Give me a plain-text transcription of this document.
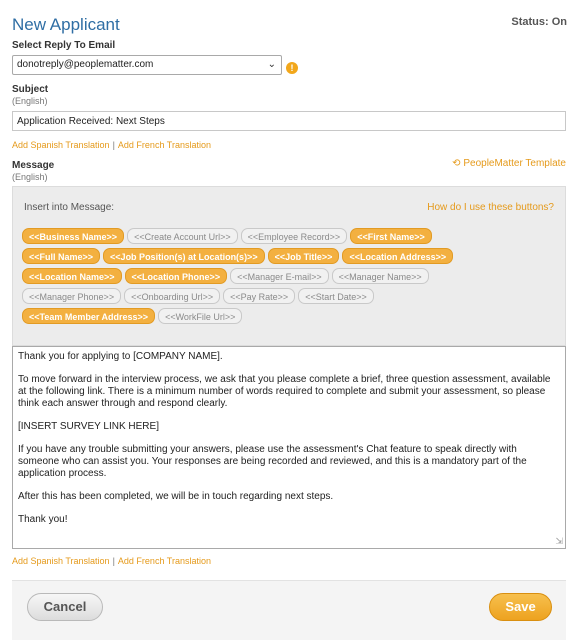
New Applicant	Status: On
Select Reply To Email
donotreply@peoplematter.com	⌄	!
Subject
(English)
Application Received: Next Steps
Add Spanish Translation | Add French Translation
Message
(English)
⟲ PeopleMatter Template
Insert into Message:	How do I use these buttons?
<<Business Name>>	<<Create Account Url>>	<<Employee Record>>	<<First Name>>
<<Full Name>>	<<Job Position(s) at Location(s)>>	<<Job Title>>	<<Location Address>>
<<Location Name>>	<<Location Phone>>	<<Manager E-mail>>	<<Manager Name>>
<<Manager Phone>>	<<Onboarding Url>>	<<Pay Rate>>	<<Start Date>>
<<Team Member Address>>	<<WorkFile Url>>

Thank you for applying to [COMPANY NAME].

To move forward in the interview process, we ask that you please complete a brief, three question assessment, available at the following link. There is a minimum number of words required to complete and submit your assessment, so please think each answer through and respond clearly.

[INSERT SURVEY LINK HERE]

If you have any trouble submitting your answers, please use the assessment's Chat feature to speak directly with someone who can assist you. Your responses are being recorded and reviewed, and this is a mandatory part of the application process.

After this has been completed, we will be in touch regarding next steps.

Thank you!

⇲
Add Spanish Translation | Add French Translation
Cancel	Save
